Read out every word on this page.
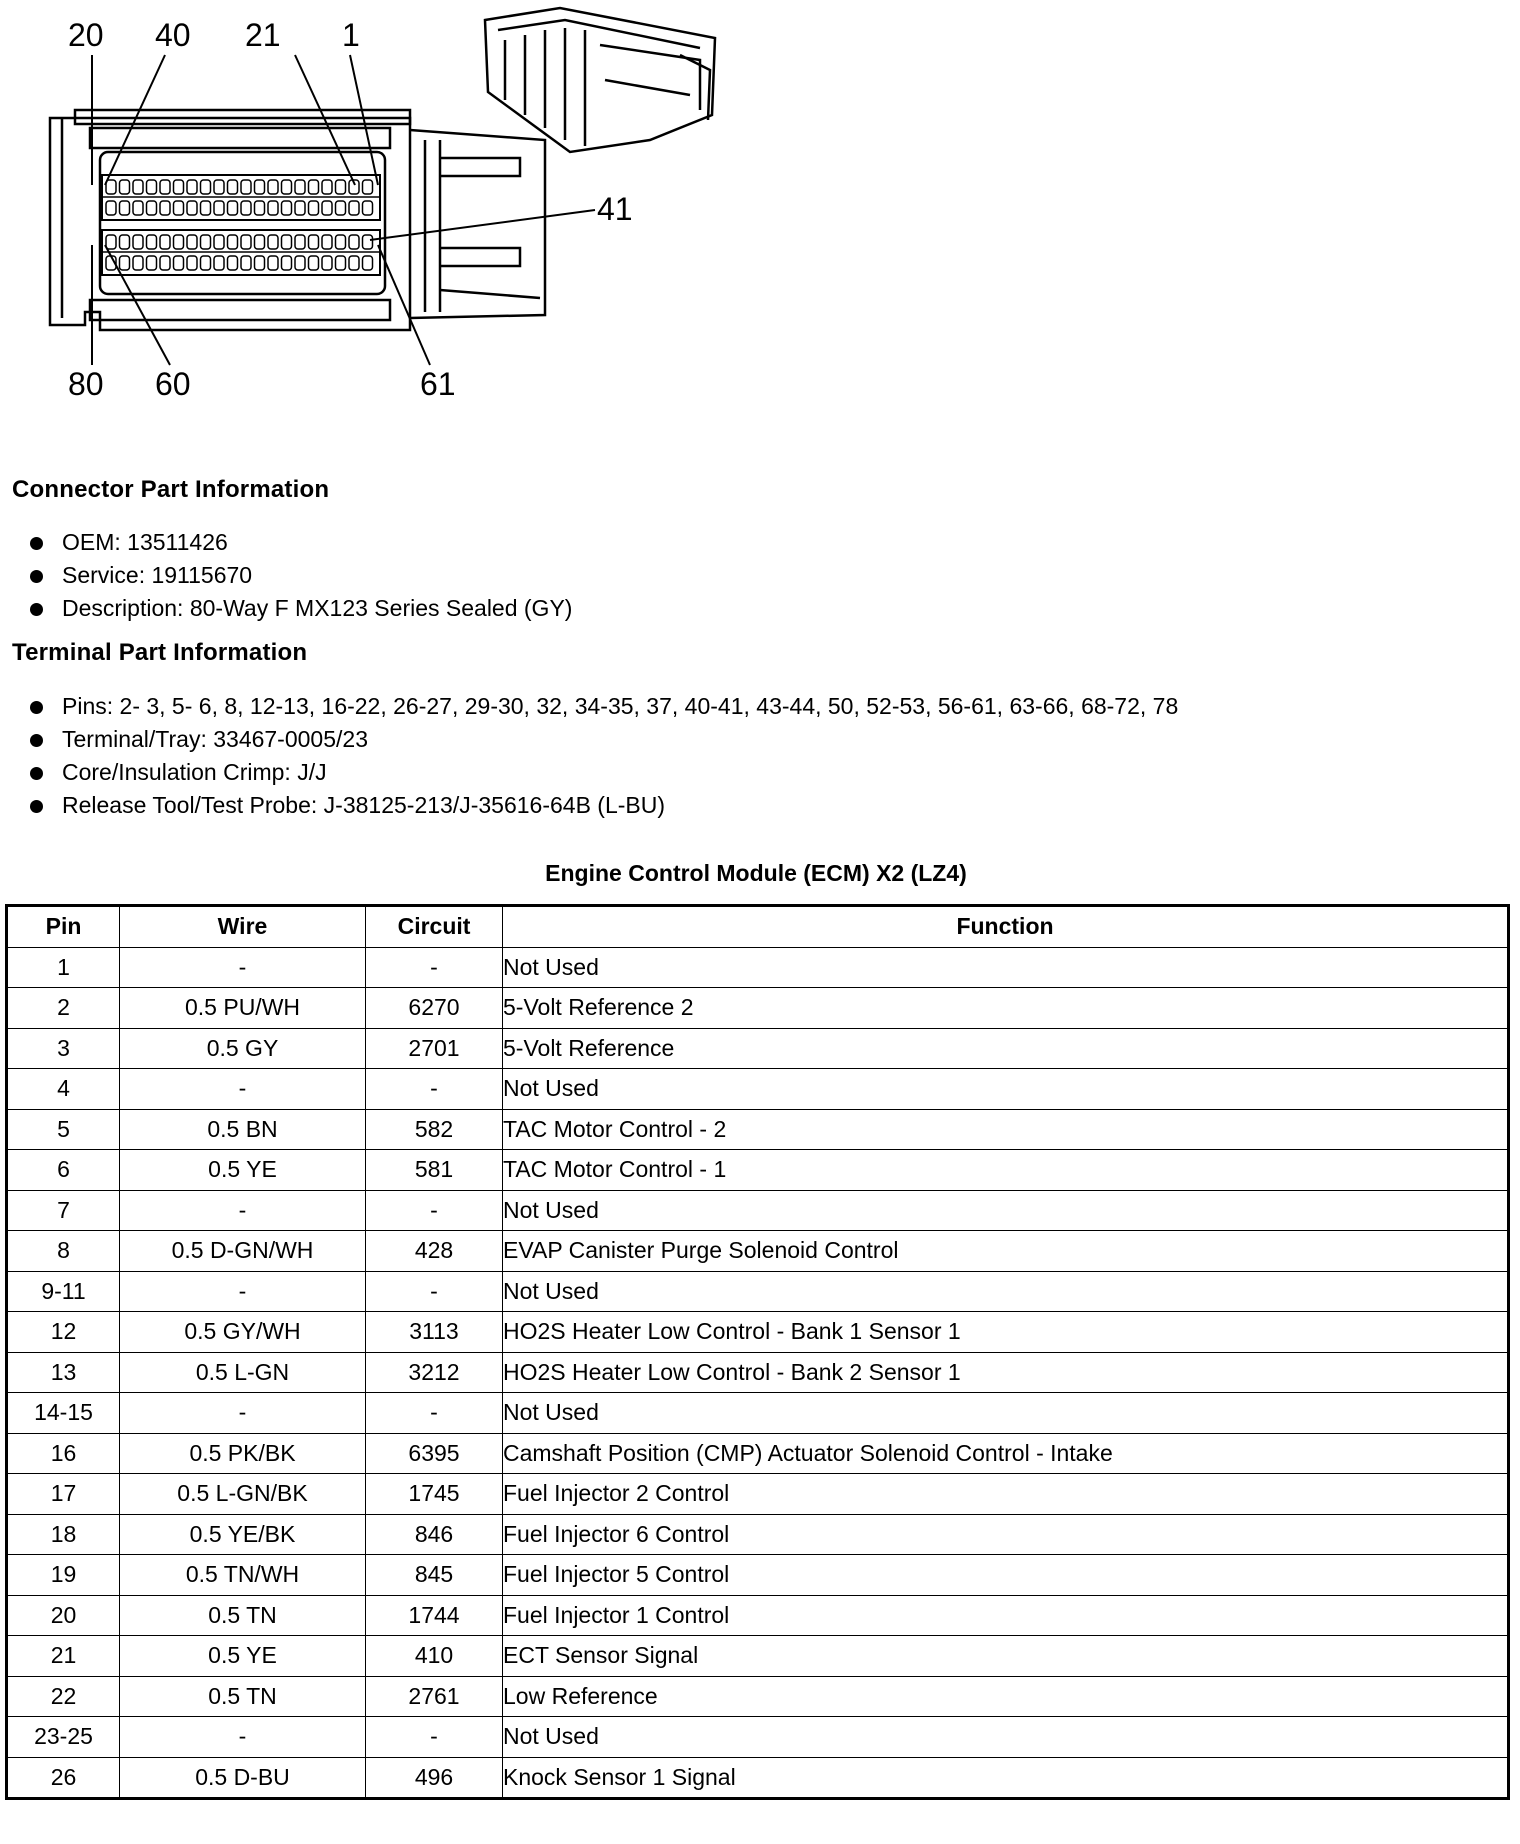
20 40 21 1
41
80 60	61
Connector Part Information
OEM: 13511426
Service: 19115670
Description: 80-Way F MX123 Series Sealed (GY)
Terminal Part Information
Pins: 2- 3, 5- 6, 8, 12-13, 16-22, 26-27, 29-30, 32, 34-35, 37, 40-41, 43-44, 50, 52-53, 56-61, 63-66, 68-72, 78
Terminal/Tray: 33467-0005/23
Core/Insulation Crimp: J/J
Release Tool/Test Probe: J-38125-213/J-35616-64B (L-BU)
Engine Control Module (ECM) X2 (LZ4)
Pin	Wire	Circuit	Function
1	-	-	Not Used
2	0.5 PU/WH	6270	5-Volt Reference 2
3	0.5 GY	2701	5-Volt Reference
4	-	-	Not Used
5	0.5 BN	582	TAC Motor Control - 2
6	0.5 YE	581	TAC Motor Control - 1
7	-	-	Not Used
8	0.5 D-GN/WH	428	EVAP Canister Purge Solenoid Control
9-11	-	-	Not Used
12	0.5 GY/WH	3113	HO2S Heater Low Control - Bank 1 Sensor 1
13	0.5 L-GN	3212	HO2S Heater Low Control - Bank 2 Sensor 1
14-15	-	-	Not Used
16	0.5 PK/BK	6395	Camshaft Position (CMP) Actuator Solenoid Control - Intake
17	0.5 L-GN/BK	1745	Fuel Injector 2 Control
18	0.5 YE/BK	846	Fuel Injector 6 Control
19	0.5 TN/WH	845	Fuel Injector 5 Control
20	0.5 TN	1744	Fuel Injector 1 Control
21	0.5 YE	410	ECT Sensor Signal
22	0.5 TN	2761	Low Reference
23-25	-	-	Not Used
26	0.5 D-BU	496	Knock Sensor 1 Signal
